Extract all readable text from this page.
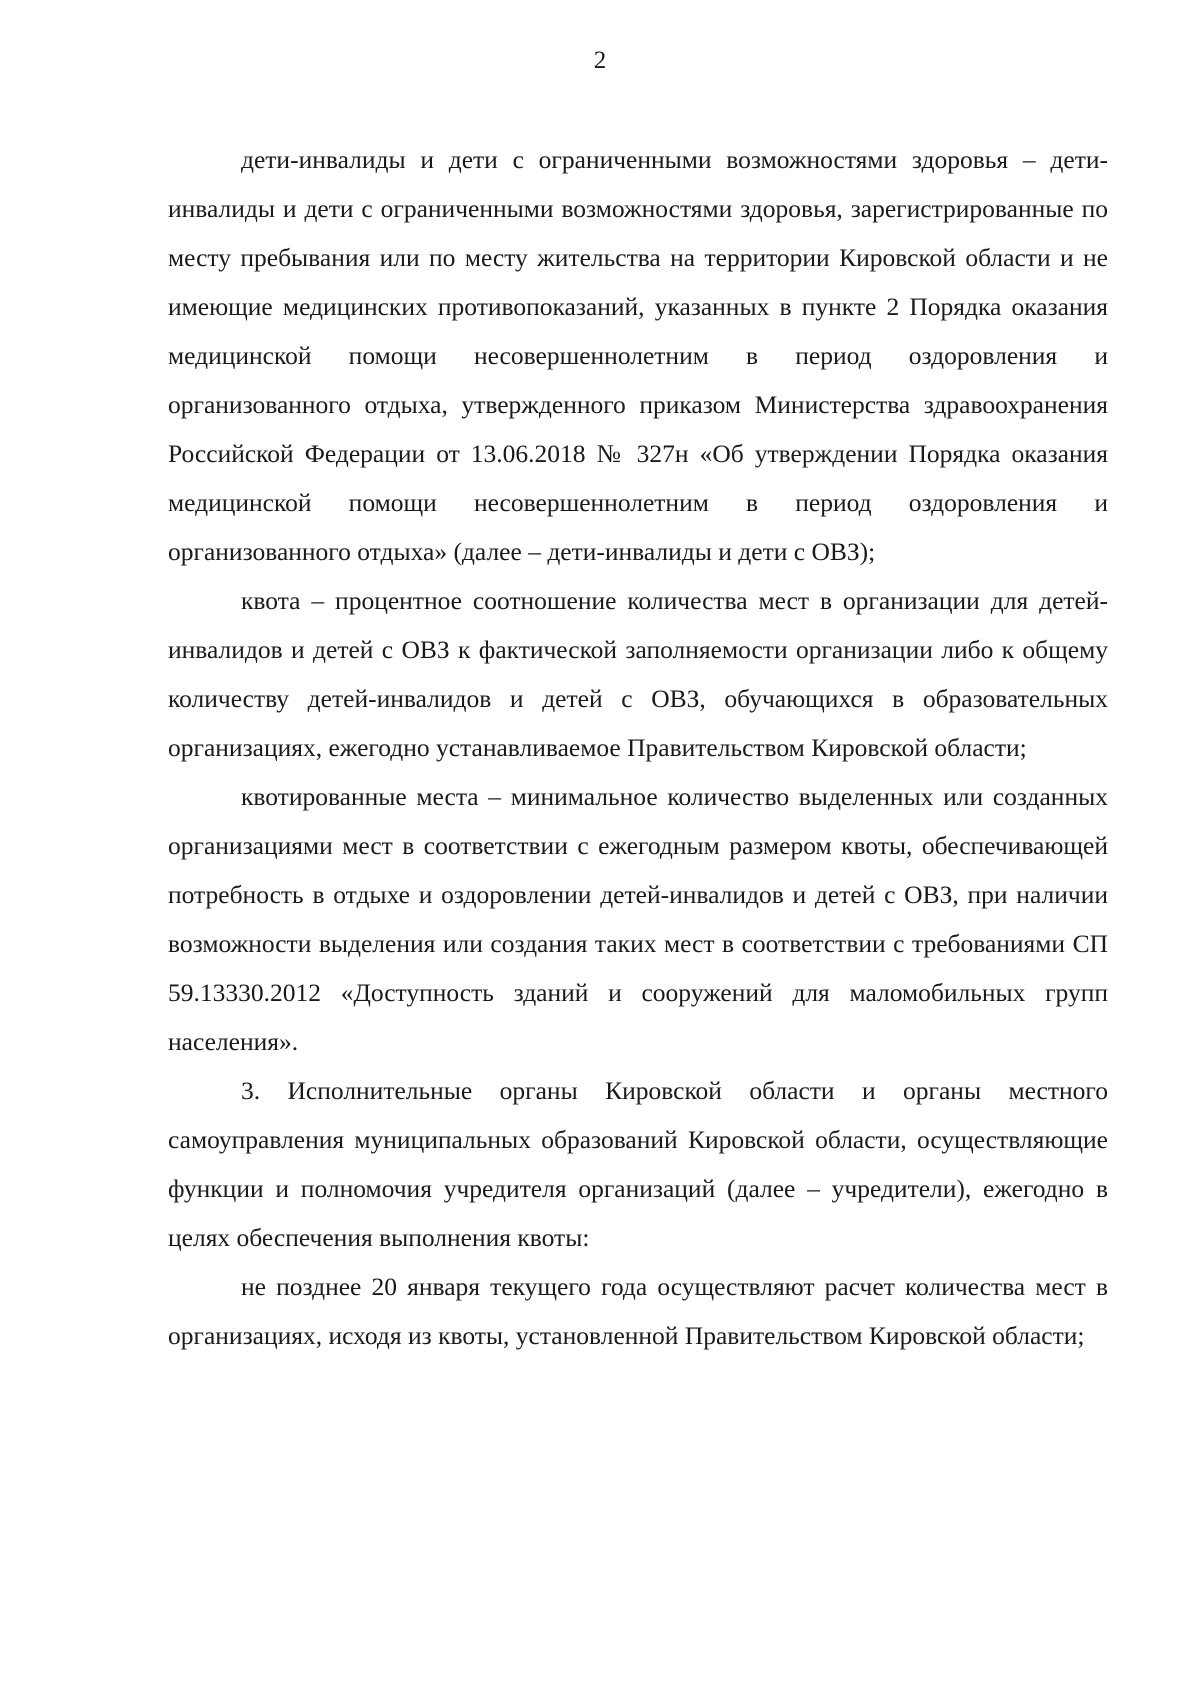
2

дети-инвалиды и дети с ограниченными возможностями здоровья – дети-инвалиды и дети с ограниченными возможностями здоровья, зарегистрированные по месту пребывания или по месту жительства на территории Кировской области и не имеющие медицинских противопоказаний, указанных в пункте 2 Порядка оказания медицинской помощи несовершеннолетним в период оздоровления и организованного отдыха, утвержденного приказом Министерства здравоохранения Российской Федерации от 13.06.2018 № 327н «Об утверждении Порядка оказания медицинской помощи несовершеннолетним в период оздоровления и организованного отдыха» (далее – дети-инвалиды и дети с ОВЗ);

квота – процентное соотношение количества мест в организации для детей-инвалидов и детей с ОВЗ к фактической заполняемости организации либо к общему количеству детей-инвалидов и детей с ОВЗ, обучающихся в образовательных организациях, ежегодно устанавливаемое Правительством Кировской области;

квотированные места – минимальное количество выделенных или созданных организациями мест в соответствии с ежегодным размером квоты, обеспечивающей потребность в отдыхе и оздоровлении детей-инвалидов и детей с ОВЗ, при наличии возможности выделения или создания таких мест в соответствии с требованиями СП 59.13330.2012 «Доступность зданий и сооружений для маломобильных групп населения».

3. Исполнительные органы Кировской области и органы местного самоуправления муниципальных образований Кировской области, осуществляющие функции и полномочия учредителя организаций (далее – учредители), ежегодно в целях обеспечения выполнения квоты:

не позднее 20 января текущего года осуществляют расчет количества мест в организациях, исходя из квоты, установленной Правительством Кировской области;
